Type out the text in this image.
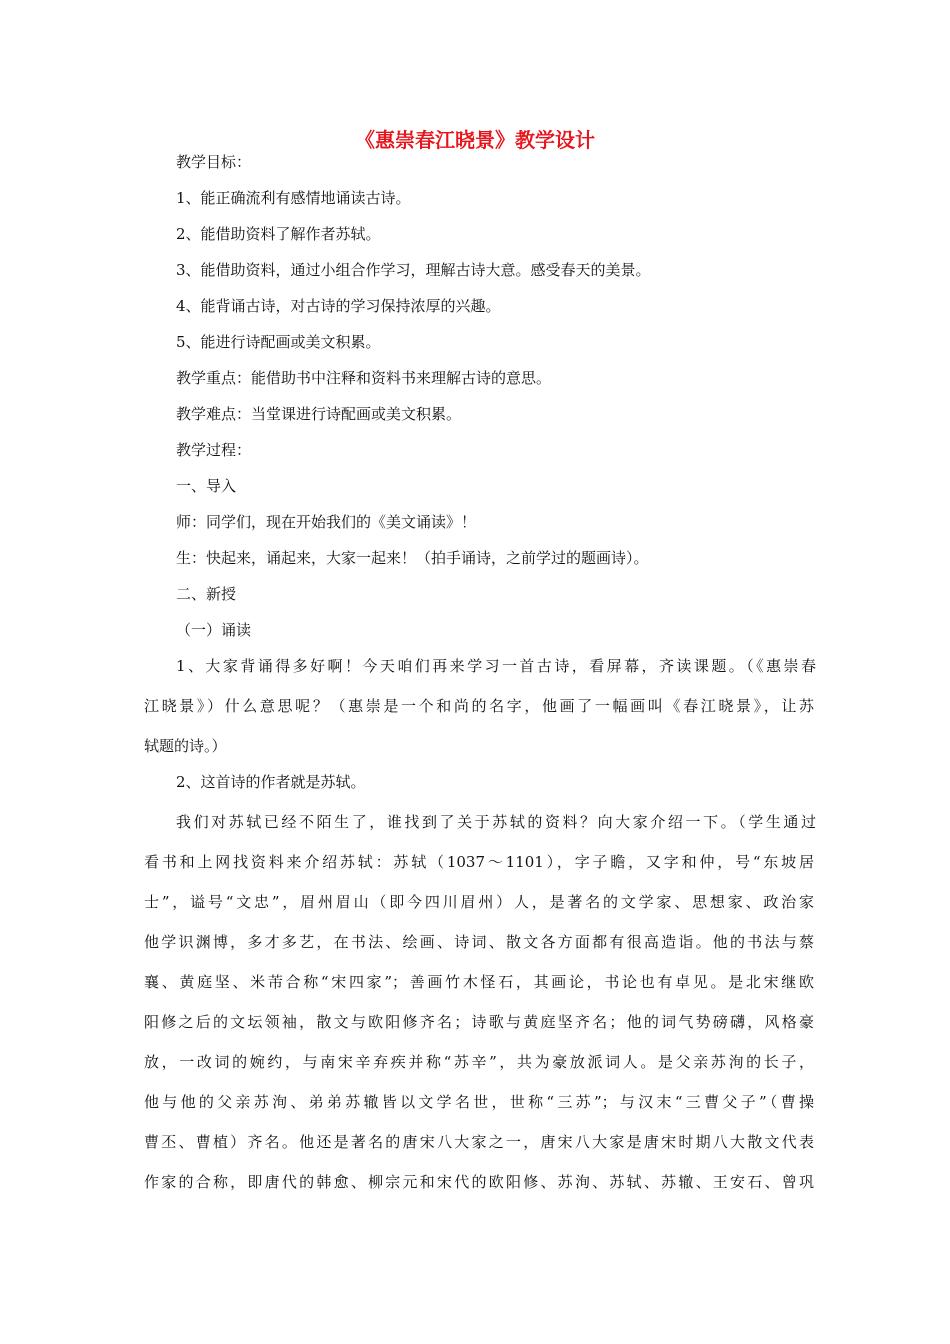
《惠崇春江晓景》教学设计
教学目标：
1、能正确流利有感情地诵读古诗。
2、能借助资料了解作者苏轼。
3、能借助资料，通过小组合作学习，理解古诗大意。感受春天的美景。
4、能背诵古诗，对古诗的学习保持浓厚的兴趣。
5、能进行诗配画或美文积累。
教学重点：能借助书中注释和资料书来理解古诗的意思。
教学难点：当堂课进行诗配画或美文积累。
教学过程：
一、导入
师：同学们，现在开始我们的《美文诵读》！
生：快起来，诵起来，大家一起来！（拍手诵诗，之前学过的题画诗）。
二、新授
（一）诵读
1、大家背诵得多好啊！今天咱们再来学习一首古诗，看屏幕，齐读课题。（《惠崇春
江晓景》）什么意思呢？（惠崇是一个和尚的名字，他画了一幅画叫《春江晓景》，让苏
轼题的诗。）
2、这首诗的作者就是苏轼。
我们对苏轼已经不陌生了，谁找到了关于苏轼的资料？向大家介绍一下。（学生通过
看书和上网找资料来介绍苏轼：苏轼（1037～1101），字子瞻，又字和仲，号“东坡居
士”，谥号“文忠”，眉州眉山（即今四川眉州）人，是著名的文学家、思想家、政治家
他学识渊博，多才多艺，在书法、绘画、诗词、散文各方面都有很高造诣。他的书法与蔡
襄、黄庭坚、米芾合称“宋四家”；善画竹木怪石，其画论，书论也有卓见。是北宋继欧
阳修之后的文坛领袖，散文与欧阳修齐名；诗歌与黄庭坚齐名；他的词气势磅礴，风格豪
放，一改词的婉约，与南宋辛弃疾并称“苏辛”，共为豪放派词人。是父亲苏洵的长子，
他与他的父亲苏洵、弟弟苏辙皆以文学名世，世称“三苏”；与汉末“三曹父子”（曹操
曹丕、曹植）齐名。他还是著名的唐宋八大家之一，唐宋八大家是唐宋时期八大散文代表
作家的合称，即唐代的韩愈、柳宗元和宋代的欧阳修、苏洵、苏轼、苏辙、王安石、曾巩
